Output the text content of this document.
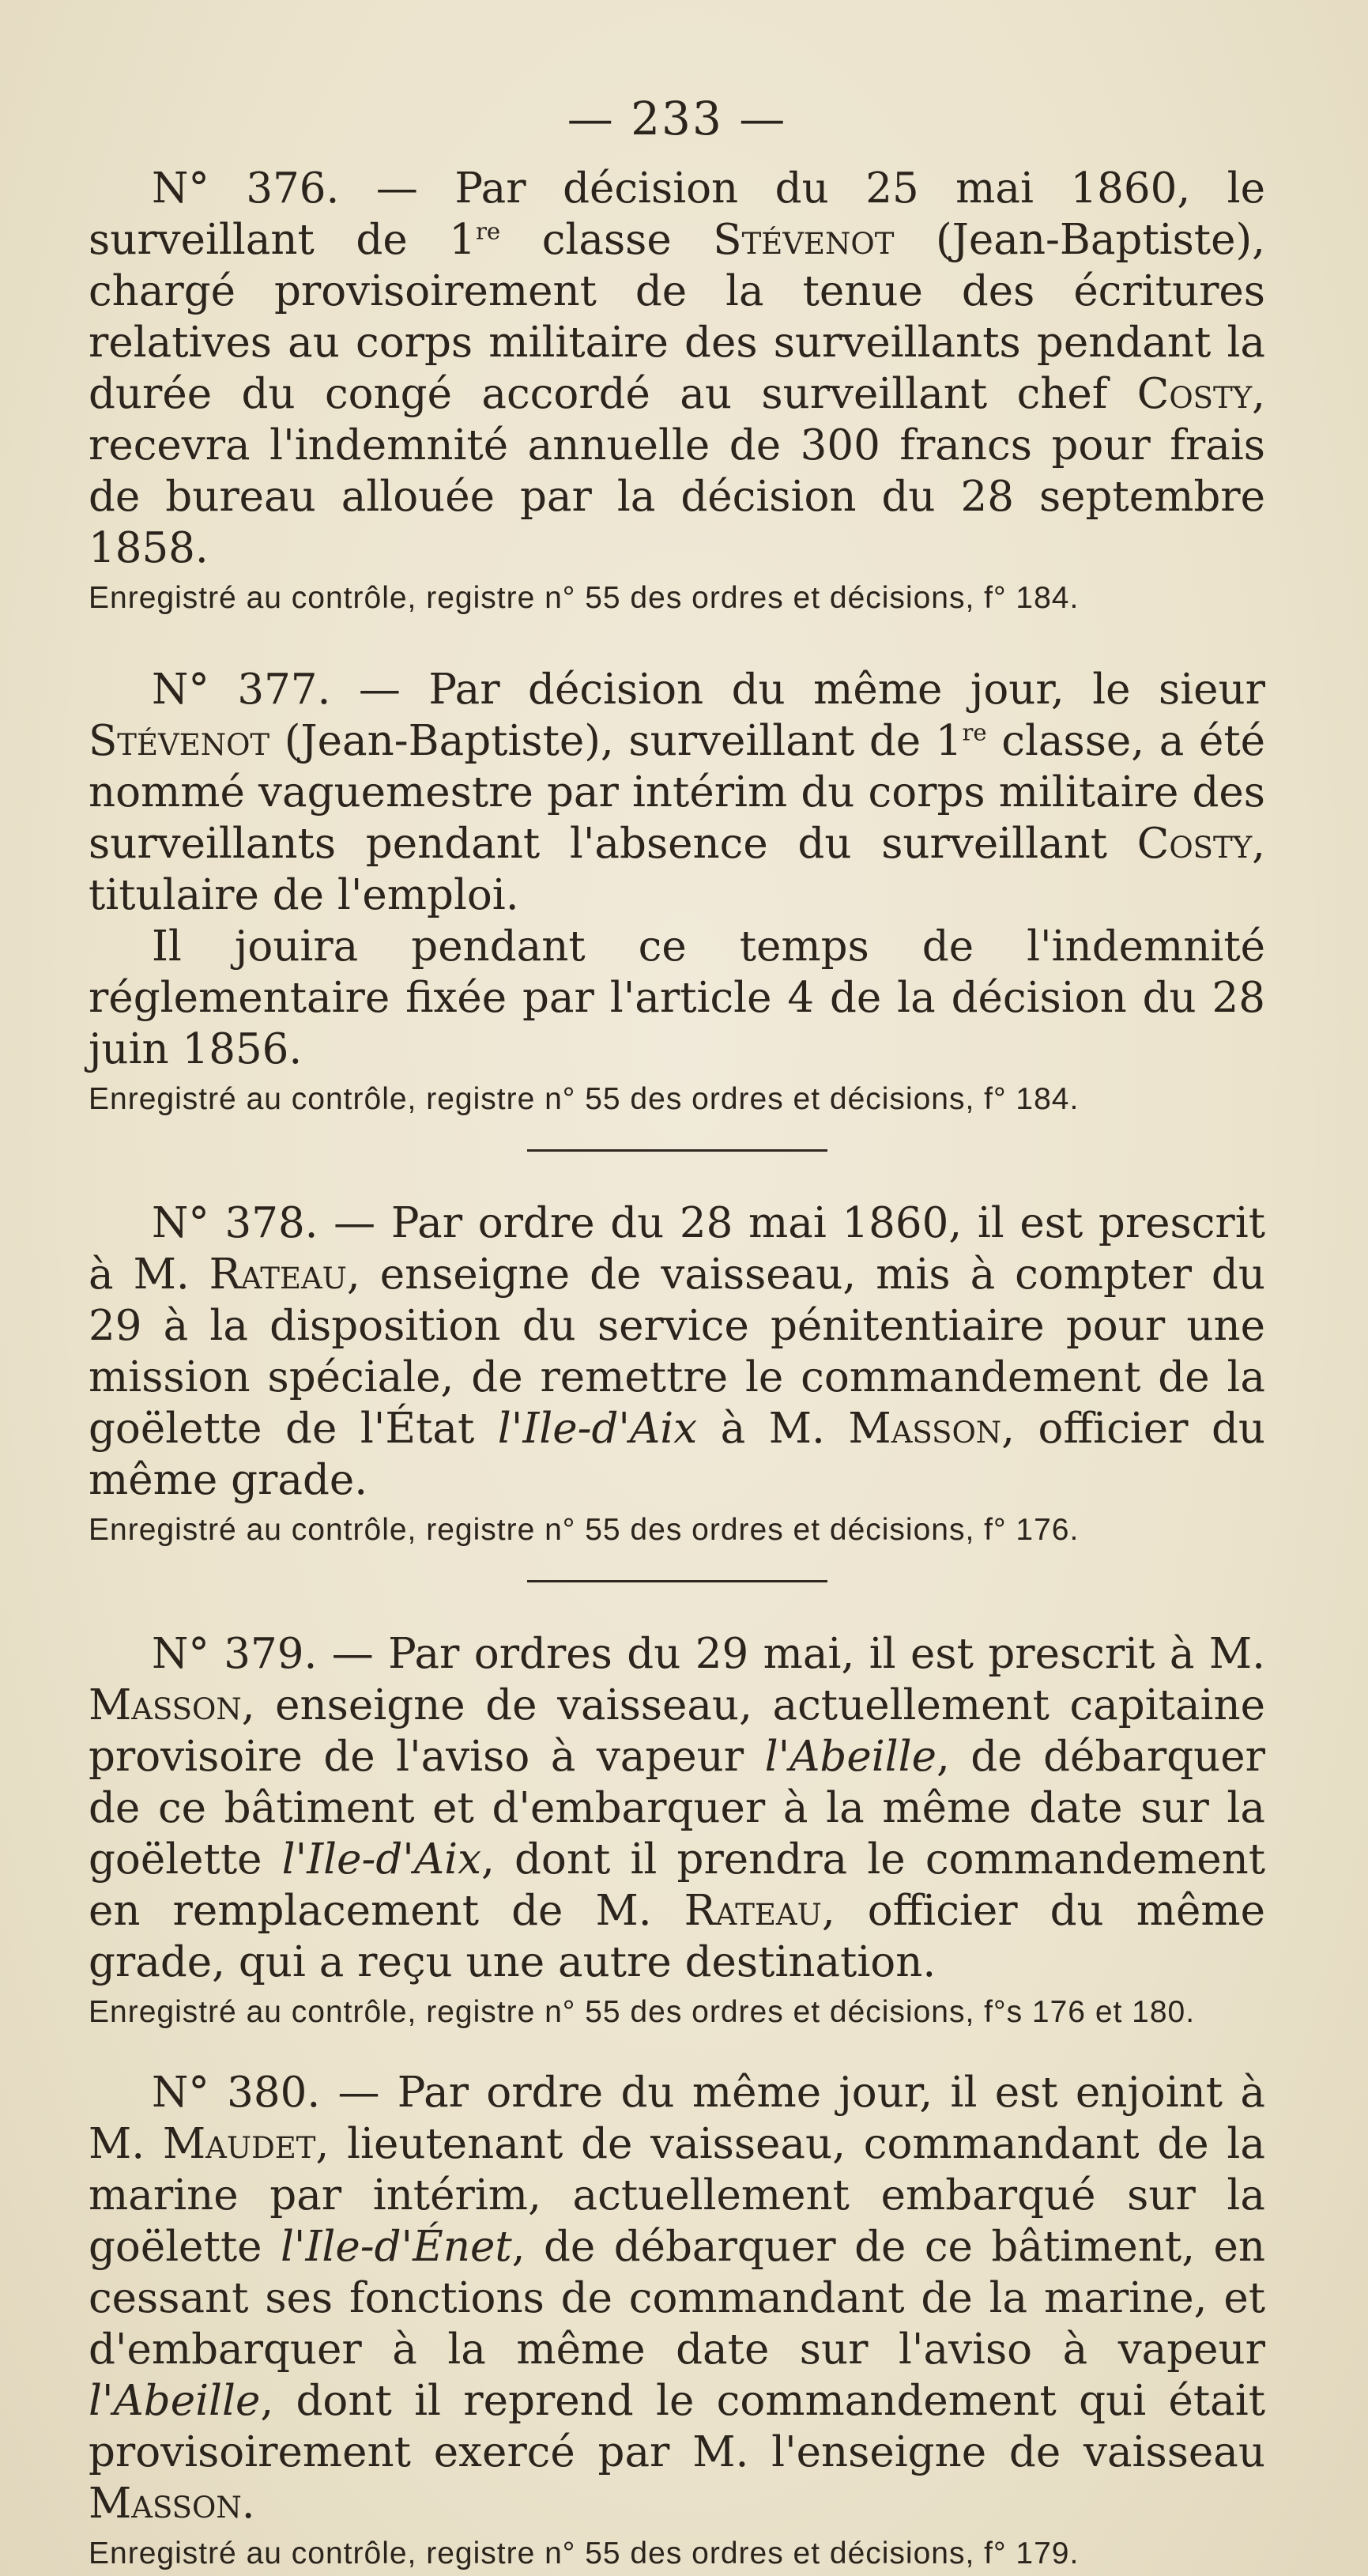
— 233 —

N° 376. — Par décision du 25 mai 1860, le surveillant de 1re classe Stévenot (Jean-Baptiste), chargé provisoirement de la tenue des écritures relatives au corps militaire des surveillants pendant la durée du congé accordé au surveillant chef Costy, recevra l'indemnité annuelle de 300 francs pour frais de bureau allouée par la décision du 28 septembre 1858.

Enregistré au contrôle, registre n° 55 des ordres et décisions, f° 184.

N° 377. — Par décision du même jour, le sieur Stévenot (Jean-Baptiste), surveillant de 1re classe, a été nommé vaguemestre par intérim du corps militaire des surveillants pendant l'absence du surveillant Costy, titulaire de l'emploi.

Il jouira pendant ce temps de l'indemnité réglementaire fixée par l'article 4 de la décision du 28 juin 1856.

Enregistré au contrôle, registre n° 55 des ordres et décisions, f° 184.

N° 378. — Par ordre du 28 mai 1860, il est prescrit à M. Rateau, enseigne de vaisseau, mis à compter du 29 à la disposition du service pénitentiaire pour une mission spéciale, de remettre le commandement de la goëlette de l'État l'Ile-d'Aix à M. Masson, officier du même grade.

Enregistré au contrôle, registre n° 55 des ordres et décisions, f° 176.

N° 379. — Par ordres du 29 mai, il est prescrit à M. Masson, enseigne de vaisseau, actuellement capitaine provisoire de l'aviso à vapeur l'Abeille, de débarquer de ce bâtiment et d'embarquer à la même date sur la goëlette l'Ile-d'Aix, dont il prendra le commandement en remplacement de M. Rateau, officier du même grade, qui a reçu une autre destination.

Enregistré au contrôle, registre n° 55 des ordres et décisions, f°s 176 et 180.

N° 380. — Par ordre du même jour, il est enjoint à M. Maudet, lieutenant de vaisseau, commandant de la marine par intérim, actuellement embarqué sur la goëlette l'Ile-d'Énet, de débarquer de ce bâtiment, en cessant ses fonctions de commandant de la marine, et d'embarquer à la même date sur l'aviso à vapeur l'Abeille, dont il reprend le commandement qui était provisoirement exercé par M. l'enseigne de vaisseau Masson.

Enregistré au contrôle, registre n° 55 des ordres et décisions, f° 179.
